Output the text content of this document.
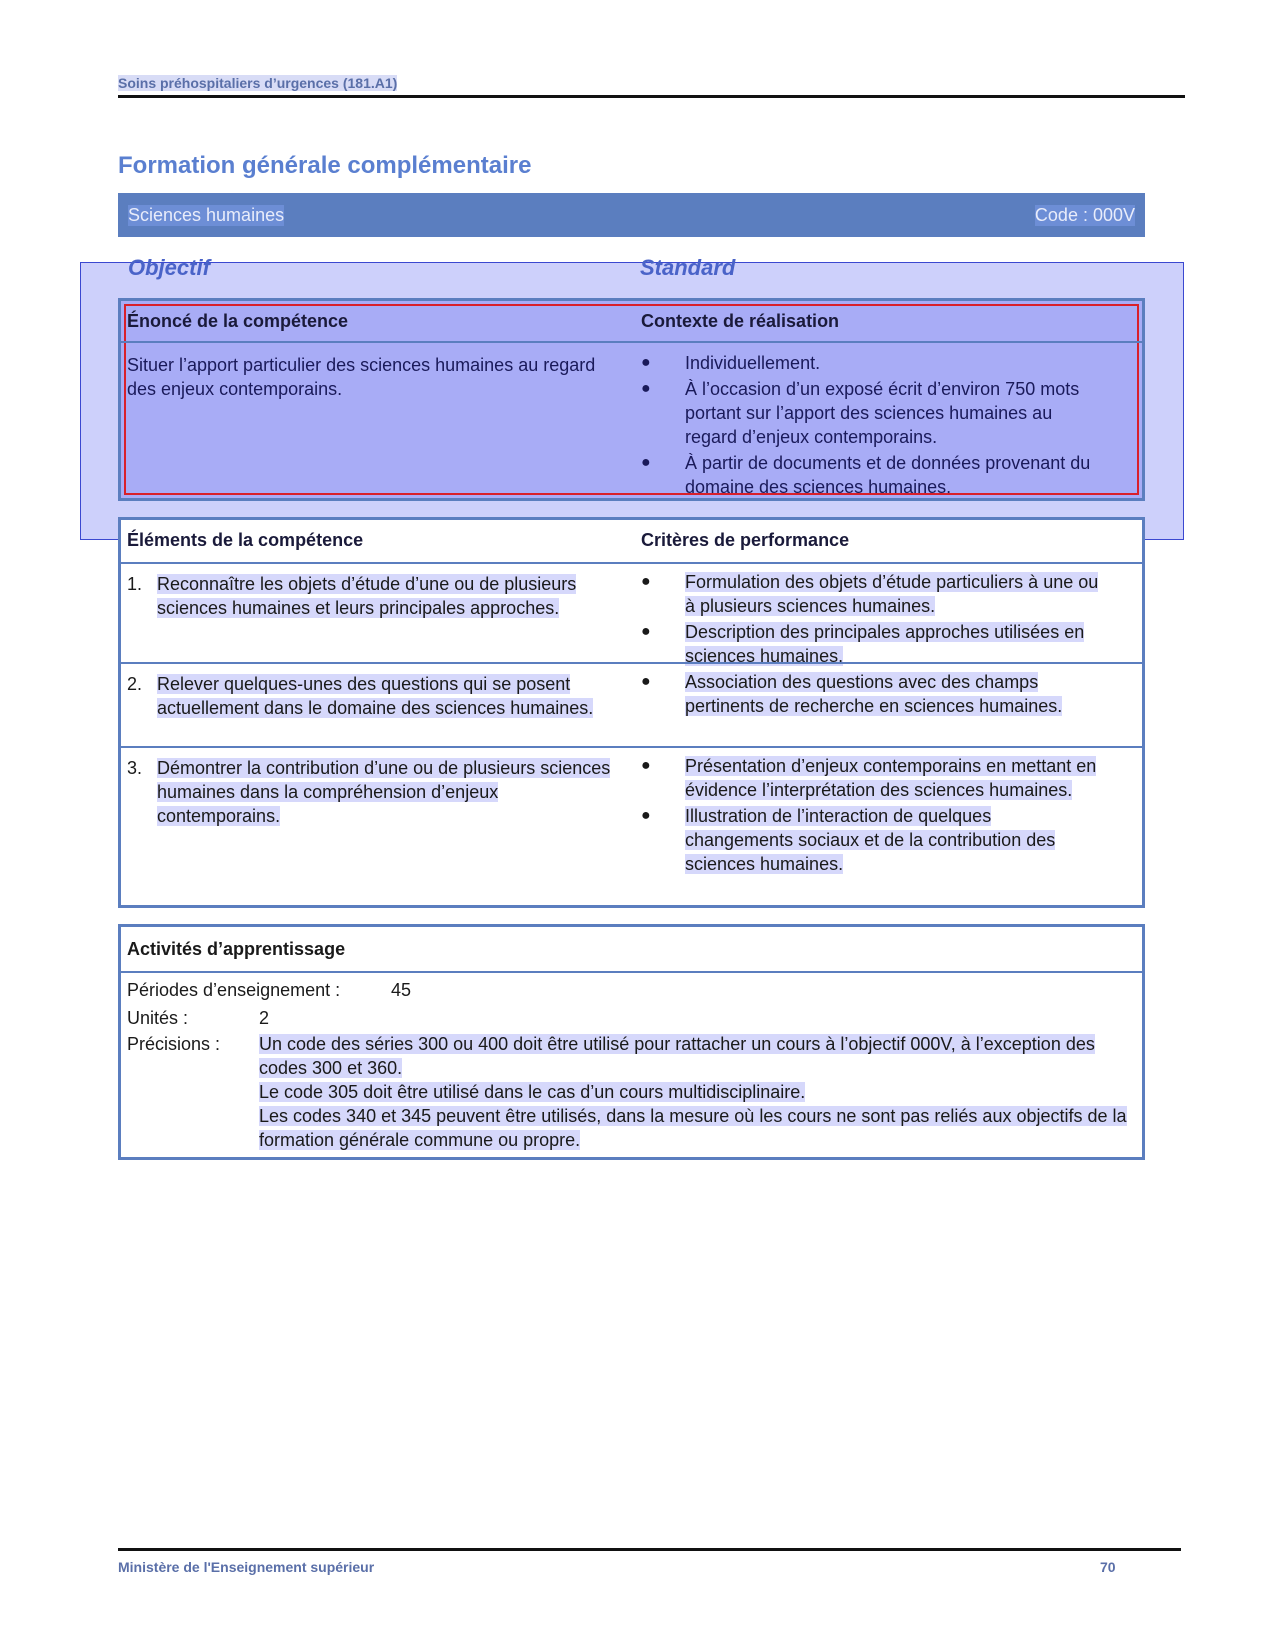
Soins préhospitaliers d’urgences (181.A1)
Formation générale complémentaire
Sciences humaines	Code : 000V
Objectif	Standard
Énoncé de la compétence	Contexte de réalisation
Situer l’apport particulier des sciences humaines au regard des enjeux contemporains.
● Individuellement.
● À l’occasion d’un exposé écrit d’environ 750 mots portant sur l’apport des sciences humaines au regard d’enjeux contemporains.
● À partir de documents et de données provenant du domaine des sciences humaines.
Éléments de la compétence	Critères de performance
1. Reconnaître les objets d’étude d’une ou de plusieurs sciences humaines et leurs principales approches.
● Formulation des objets d’étude particuliers à une ou à plusieurs sciences humaines.
● Description des principales approches utilisées en sciences humaines.
2. Relever quelques-unes des questions qui se posent actuellement dans le domaine des sciences humaines.
● Association des questions avec des champs pertinents de recherche en sciences humaines.
3. Démontrer la contribution d’une ou de plusieurs sciences humaines dans la compréhension d’enjeux contemporains.
● Présentation d’enjeux contemporains en mettant en évidence l’interprétation des sciences humaines.
● Illustration de l’interaction de quelques changements sociaux et de la contribution des sciences humaines.
Activités d’apprentissage
Périodes d’enseignement :	45
Unités :	2
Précisions : Un code des séries 300 ou 400 doit être utilisé pour rattacher un cours à l’objectif 000V, à l’exception des codes 300 et 360.
Le code 305 doit être utilisé dans le cas d’un cours multidisciplinaire.
Les codes 340 et 345 peuvent être utilisés, dans la mesure où les cours ne sont pas reliés aux objectifs de la formation générale commune ou propre.
Ministère de l'Enseignement supérieur	70
